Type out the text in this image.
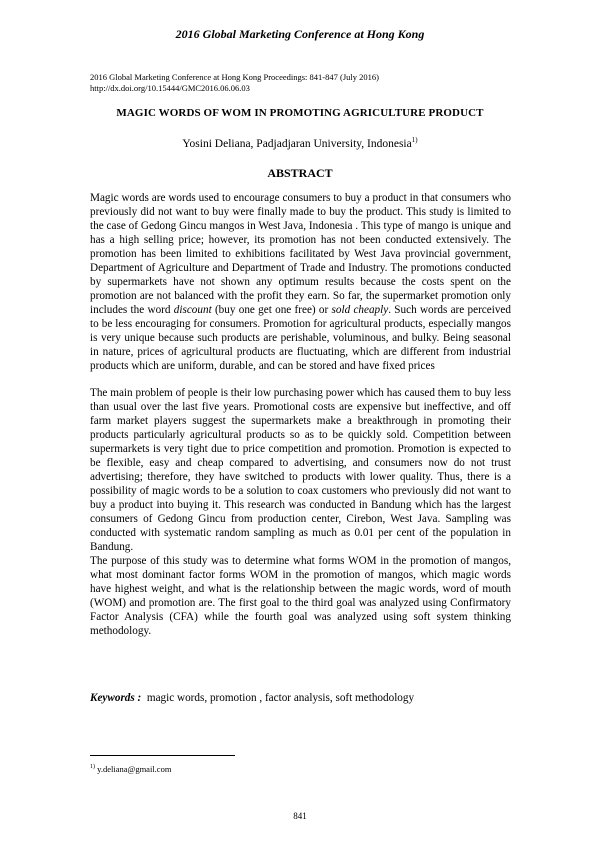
2016 Global Marketing Conference at Hong Kong
2016 Global Marketing Conference at Hong Kong Proceedings: 841-847 (July 2016)
http://dx.doi.org/10.15444/GMC2016.06.06.03
MAGIC WORDS OF WOM IN PROMOTING AGRICULTURE PRODUCT
Yosini Deliana, Padjadjaran University, Indonesia$^{1)}$
ABSTRACT

Magic words are words used to encourage consumers to buy a product in that consumers who previously did not want to buy were finally made to buy the product. This study is limited to the case of Gedong Gincu mangos in West Java, Indonesia . This type of mango is unique and has a high selling price; however, its promotion has not been conducted extensively. The promotion has been limited to exhibitions facilitated by West Java provincial government, Department of Agriculture and Department of Trade and Industry. The promotions conducted by supermarkets have not shown any optimum results because the costs spent on the promotion are not balanced with the profit they earn. So far, the supermarket promotion only includes the word discount (buy one get one free) or sold cheaply. Such words are perceived to be less encouraging for consumers. Promotion for agricultural products, especially mangos is very unique because such products are perishable, voluminous, and bulky. Being seasonal in nature, prices of agricultural products are fluctuating, which are different from industrial products which are uniform, durable, and can be stored and have fixed prices

The main problem of people is their low purchasing power which has caused them to buy less than usual over the last five years. Promotional costs are expensive but ineffective, and off farm market players suggest the supermarkets make a breakthrough in promoting their products particularly agricultural products so as to be quickly sold. Competition between supermarkets is very tight due to price competition and promotion. Promotion is expected to be flexible, easy and cheap compared to advertising, and consumers now do not trust advertising; therefore, they have switched to products with lower quality. Thus, there is a possibility of magic words to be a solution to coax customers who previously did not want to buy a product into buying it. This research was conducted in Bandung which has the largest consumers of Gedong Gincu from production center, Cirebon, West Java. Sampling was conducted with systematic random sampling as much as 0.01 per cent of the population in Bandung.

The purpose of this study was to determine what forms WOM in the promotion of mangos, what most dominant factor forms WOM in the promotion of mangos, which magic words have highest weight, and what is the relationship between the magic words, word of mouth (WOM) and promotion are. The first goal to the third goal was analyzed using Confirmatory Factor Analysis (CFA) while the fourth goal was analyzed using soft system thinking methodology.

Keywords : magic words, promotion , factor analysis, soft methodology
$^{1)}$ y.deliana@gmail.com
841
